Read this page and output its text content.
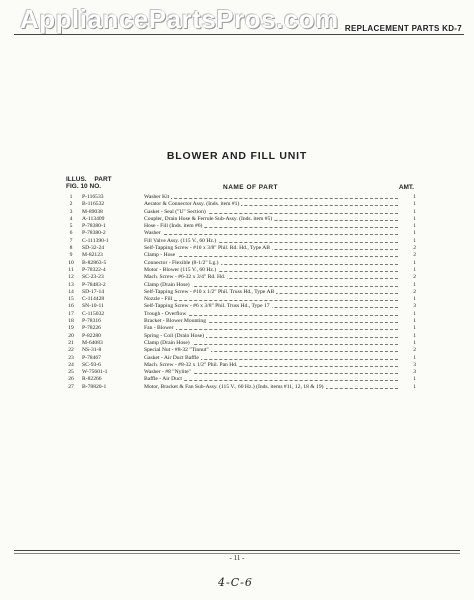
AppliancePartsPros.com REPLACEMENT PARTS KD-7
BLOWER AND FILL UNIT
ILLUS. PART
FIG. 10 NO.	NAME OF PART	AMT.
1	P-116533	Washer Kit	1
2	B-116532	Aerator & Connector Assy. (Inds. item #1)	1
3	M-89038	Gasket - Seal ("U" Section)	1
4	A-113409	Coupler, Drain Hose & Ferrule Sub-Assy. (Inds. item #5)	1
5	P-78380-1	Hose - Fill (Inds. item #6)	1
6	P-78380-2	Washer	1
7	C-111390-1	Fill Valve Assy. (115 V., 60 Hz.)	1
8	SD-32-24	Self-Tapping Screw - #10 x 3/8" Phil. Rd. Hd., Type AB	2
9	M-82123	Clamp - Hose	2
10	B-82863-5	Connector - Flexible (8-1/2" Lg.)	1
11	P-78322-4	Motor - Blower (115 V., 60 Hz.)	1
12	SC-23-23	Mach. Screw - #6-32 x 3/4" Rd. Hd.	2
13	P-78483-2	Clamp (Drain Hose)	1
14	SD-17-14	Self-Tapping Screw - #10 x 1/2" Phil. Truss Hd., Type AB	2
15	C-114428	Nozzle - Fill	1
16	SN-10-11	Self-Tapping Screw - #6 x 3/8" Phil. Truss Hd., Type 17	3
17	C-115032	Trough - Overflow	1
18	P-78316	Bracket - Blower Mounting	1
19	P-78226	Fan - Blower	1
20	P-82280	Spring - Coil (Drain Hose)	1
21	M-64083	Clamp (Drain Hose)	1
22	NS-31-8	Special Nut - #8-32 "Tinnut"	2
23	P-78467	Gasket - Air Duct Baffle	1
24	SC-93-6	Mach. Screw - #8-32 x 1/2" Phil. Pan Hd.	3
25	W-75601-1	Washer - #8 "Nylite"	3
26	R-82266	Baffle - Air Duct	1
27	B-78820-1	Motor, Bracket & Fan Sub-Assy. (115 V., 60 Hz.) (Inds. items #11, 12, 18 & 19)	1
- 11 -
4-C-6
